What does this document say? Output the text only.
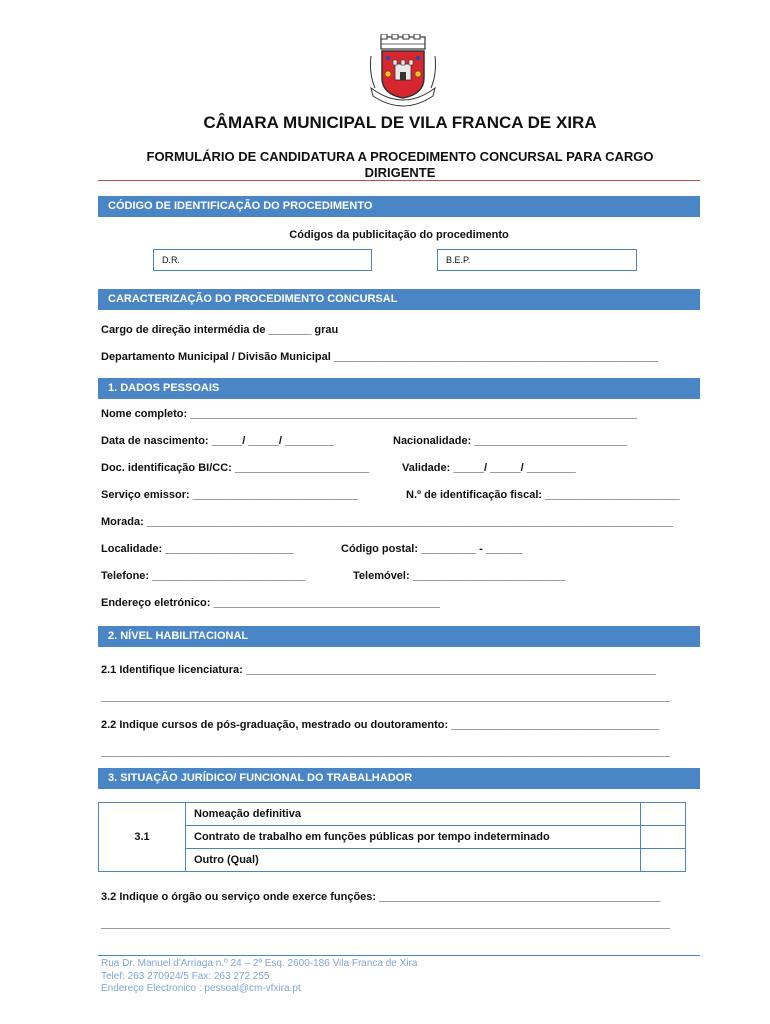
CÂMARA MUNICIPAL DE VILA FRANCA DE XIRA
FORMULÁRIO DE CANDIDATURA A PROCEDIMENTO CONCURSAL PARA CARGO
DIRIGENTE
CÓDIGO DE IDENTIFICAÇÃO DO PROCEDIMENTO
Códigos da publicitação do procedimento
D.R.	B.E.P.
CARACTERIZAÇÃO DO PROCEDIMENTO CONCURSAL
Cargo de direção intermédia de _______ grau
Departamento Municipal / Divisão Municipal _____________________________________________________
1. DADOS PESSOAIS
Nome completo: _________________________________________________________________________
Data de nascimento: _____/ _____/ ________	Nacionalidade: _________________________
Doc. identificação BI/CC: ______________________	Validade: _____/ _____/ ________
Serviço emissor: ___________________________	N.º de identificação fiscal: ______________________
Morada: ______________________________________________________________________________________
Localidade: _____________________	Código postal: _________ - ______
Telefone: _________________________	Telemóvel: _________________________
Endereço eletrónico: _____________________________________
2. NÍVEL HABILITACIONAL
2.1 Identifique licenciatura: ___________________________________________________________________
_____________________________________________________________________________________________
2.2 Indique cursos de pós-graduação, mestrado ou doutoramento: __________________________________
_____________________________________________________________________________________________
3. SITUAÇÃO JURÍDICO/ FUNCIONAL DO TRABALHADOR
3.1	Nomeação definitiva	
	Contrato de trabalho em funções públicas por tempo indeterminado	
	Outro (Qual)	
3.2 Indique o órgão ou serviço onde exerce funções: ______________________________________________
_____________________________________________________________________________________________
Rua Dr. Manuel d'Arriaga n.º 24 – 2º Esq. 2600-186 Vila Franca de Xira
Telef: 263 270924/5 Fax: 263 272 255
Endereço Electronico : pessoal@cm-vfxira.pt
